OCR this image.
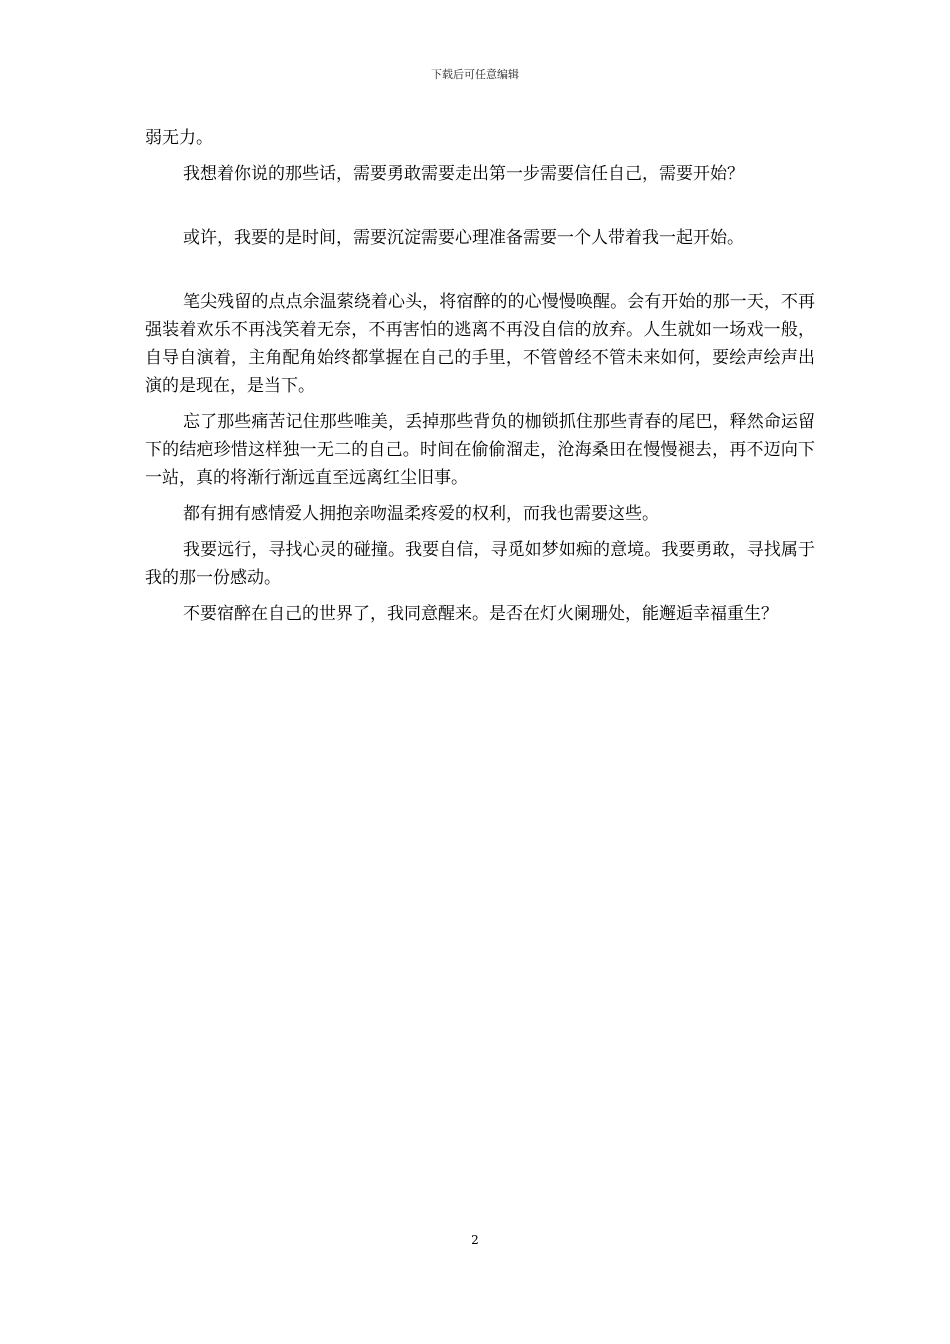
下载后可任意编辑

弱无力。

我想着你说的那些话，需要勇敢需要走出第一步需要信任自己，需要开始？

或许，我要的是时间，需要沉淀需要心理准备需要一个人带着我一起开始。

笔尖残留的点点余温萦绕着心头，将宿醉的的心慢慢唤醒。会有开始的那一天，不再强装着欢乐不再浅笑着无奈，不再害怕的逃离不再没自信的放弃。人生就如一场戏一般，自导自演着，主角配角始终都掌握在自己的手里，不管曾经不管未来如何，要绘声绘声出演的是现在，是当下。

忘了那些痛苦记住那些唯美，丢掉那些背负的枷锁抓住那些青春的尾巴，释然命运留下的结疤珍惜这样独一无二的自己。时间在偷偷溜走，沧海桑田在慢慢褪去，再不迈向下一站，真的将渐行渐远直至远离红尘旧事。

都有拥有感情爱人拥抱亲吻温柔疼爱的权利，而我也需要这些。

我要远行，寻找心灵的碰撞。我要自信，寻觅如梦如痴的意境。我要勇敢，寻找属于我的那一份感动。

不要宿醉在自己的世界了，我同意醒来。是否在灯火阑珊处，能邂逅幸福重生？

2
